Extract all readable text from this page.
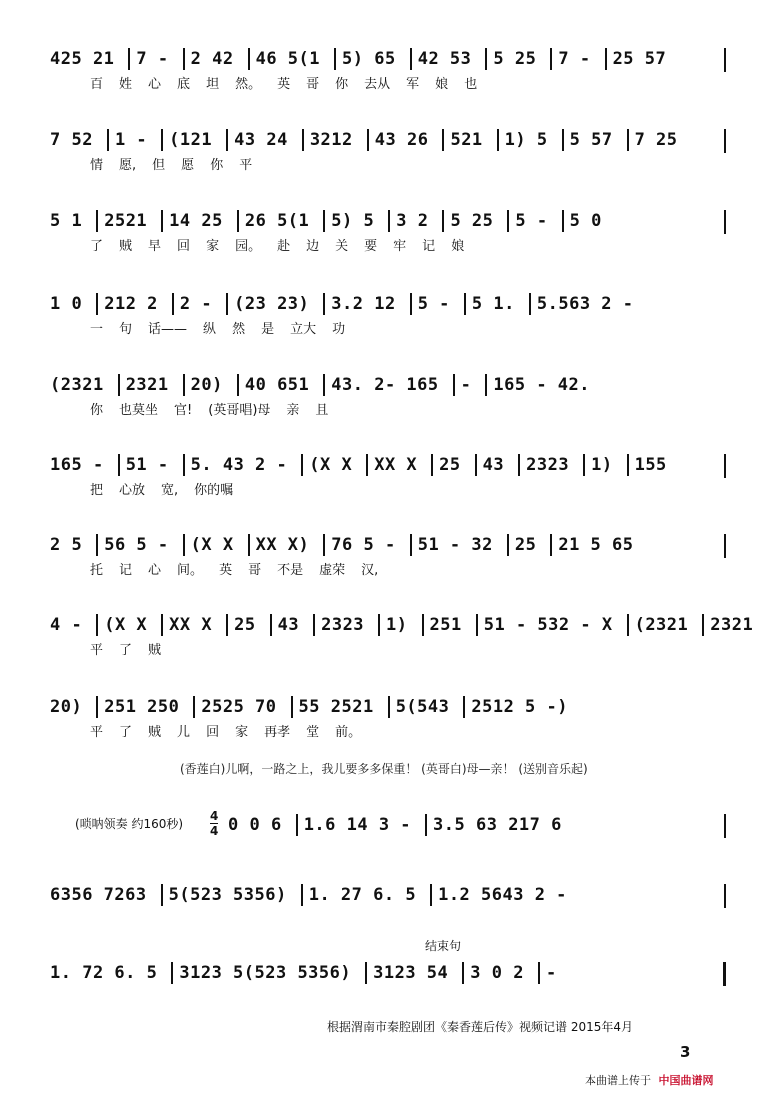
425 21 7 - 2 42 46 5(1 5) 65 42 53 5 25 7 - 25 57
百 姓 心 底 坦 然。 英 哥 你 去从 军 娘 也
7 52 1 - (121 43 24 3212 43 26 521 1) 5 5 57 7 25
情 愿, 但 愿 你 平
5 1 2521 14 25 26 5(1 5) 5 3 2 5 25 5 - 5 0
了 贼 早 回 家 园。 赴 边 关 要 牢 记 娘
1 0 212 2 2 - (23 23) 3.2 12 5 - 5 1. 5.563 2 -
一 句 话—— 纵 然 是 立大 功
(2321 2321 20) 40 651 43. 2- 165 - 165 - 42.
你 也莫坐 官! (英哥唱)母 亲 且
165 - 51 - 5. 43 2 - (X X XX X 25 43 2323 1) 155
把 心放 宽, 你的嘱
2 5 56 5 - (X X XX X) 76 5 - 51 - 32 25 21 5 65
托 记 心 间。 英 哥 不是 虚荣 汉,
4 - (X X XX X 25 43 2323 1) 251 51 - 532 - X (2321 2321
平 了 贼
20) 251 250 2525 70 55 2521 5(543 2512 5 -)
平 了 贼 儿 回 家 再孝 堂 前。
(香莲白)儿啊，一路之上，我儿要多多保重！ (英哥白)母—亲！ (送别音乐起)
(唢呐领奏 约160秒)
4
4 0 0 6 1.6 14 3 - 3.5 63 217 6
6356 7263 5(523 5356) 1. 27 6. 5 1.2 5643 2 -
结束句
1. 72 6. 5 3123 5(523 5356) 3123 54 3 0 2 -
根据渭南市秦腔剧团《秦香莲后传》视频记谱 2015年4月
3
本曲谱上传于 中国曲谱网
